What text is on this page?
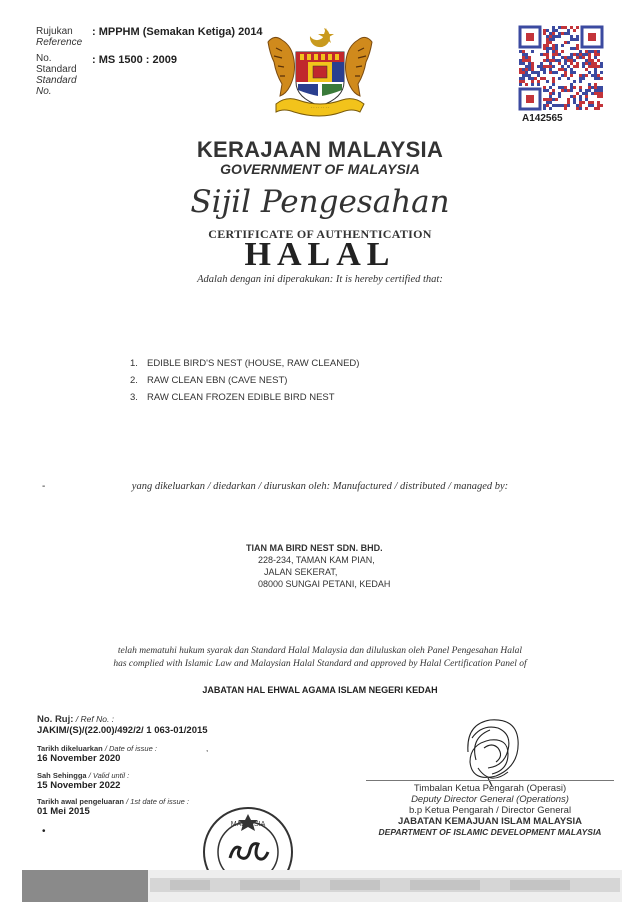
Rujukan
Reference
No.
Standard
Standard
No.
: MPPHM (Semakan Ketiga) 2014
: MS 1500 : 2009
· · · · · · · ·
A142565
KERAJAAN MALAYSIA
GOVERNMENT OF MALAYSIA
Sijil Pengesahan
CERTIFICATE OF AUTHENTICATION
HALAL
Adalah dengan ini diperakukan: It is hereby certified that:
1. EDIBLE BIRD'S NEST (HOUSE, RAW CLEANED)
2. RAW CLEAN EBN (CAVE NEST)
3. RAW CLEAN FROZEN EDIBLE BIRD NEST
-	yang dikeluarkan / diedarkan / diuruskan oleh: Manufactured / distributed / managed by:
TIAN MA BIRD NEST SDN. BHD.
228-234, TAMAN KAM PIAN,
JALAN SEKERAT,
08000 SUNGAI PETANI, KEDAH
telah mematuhi hukum syarak dan Standard Halal Malaysia dan diluluskan oleh Panel Pengesahan Halal
has complied with Islamic Law and Malaysian Halal Standard and approved by Halal Certification Panel of
JABATAN HAL EHWAL AGAMA ISLAM NEGERI KEDAH
No. Ruj: / Ref No. :
JAKIM/(S)/(22.00)/492/2/ 1 063-01/2015
Tarikh dikeluarkan / Date of issue :
16 November 2020
Sah Sehingga / Valid until :
15 November 2022
Tarikh awal pengeluaran / 1st date of issue :
01 Mei 2015
,
•
Timbalan Ketua Pengarah (Operasi)
Deputy Director General (Operations)
b.p Ketua Pengarah / Director General
JABATAN KEMAJUAN ISLAM MALAYSIA
DEPARTMENT OF ISLAMIC DEVELOPMENT MALAYSIA
MALAYSIA
